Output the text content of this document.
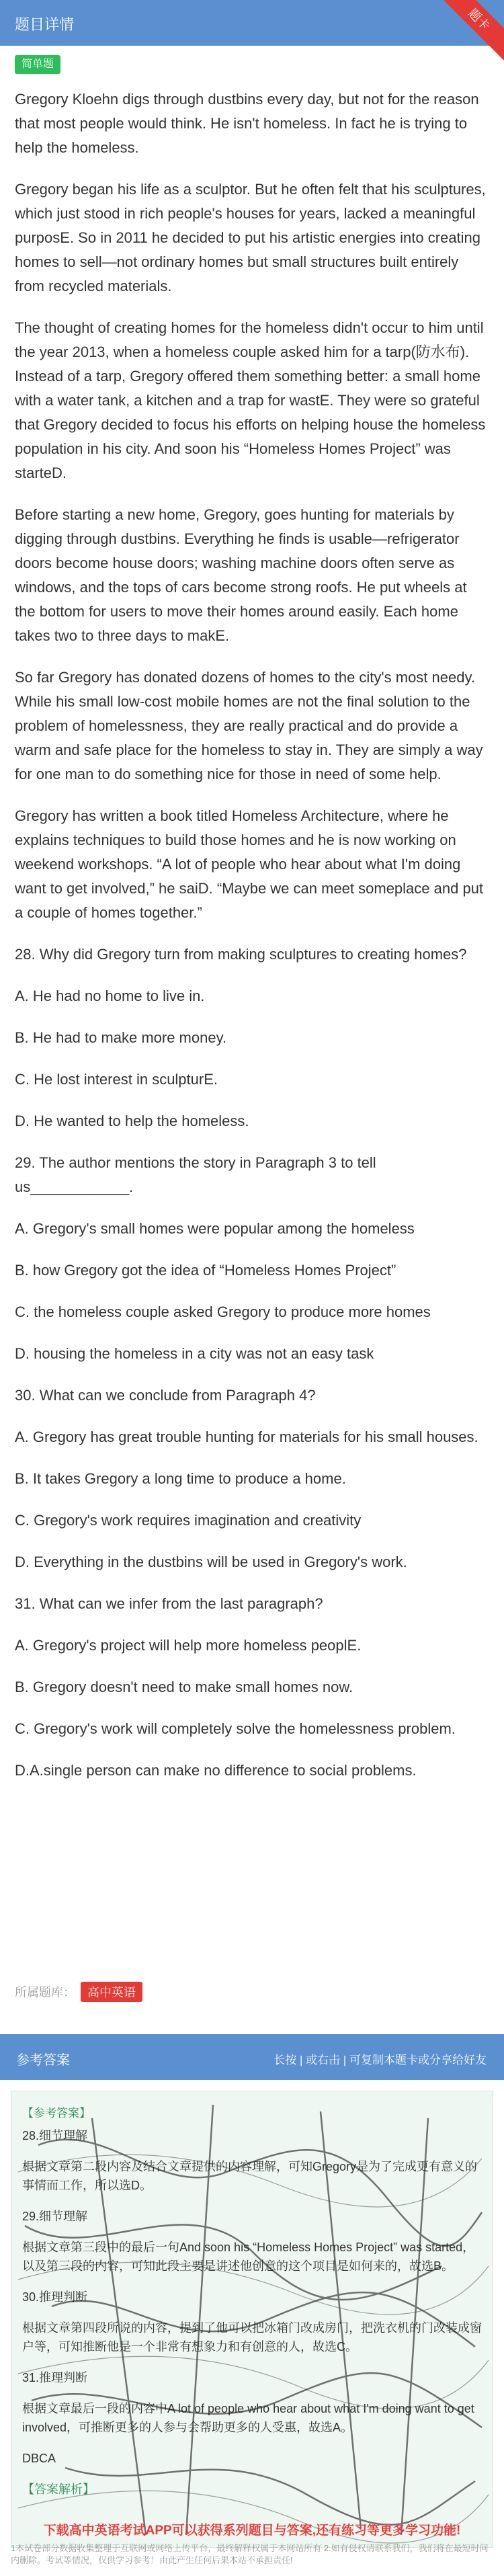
题目详情	题卡
简单题

Gregory Kloehn digs through dustbins every day, but not for the reason that most people would think. He isn't homeless. In fact he is trying to help the homeless.

Gregory began his life as a sculptor. But he often felt that his sculptures, which just stood in rich people's houses for years, lacked a meaningful purposE. So in 2011 he decided to put his artistic energies into creating homes to sell—not ordinary homes but small structures built entirely from recycled materials.

The thought of creating homes for the homeless didn't occur to him until the year 2013, when a homeless couple asked him for a tarp(防水布). Instead of a tarp, Gregory offered them something better: a small home with a water tank, a kitchen and a trap for wastE. They were so grateful that Gregory decided to focus his efforts on helping house the homeless population in his city. And soon his “Homeless Homes Project” was starteD.

Before starting a new home, Gregory, goes hunting for materials by digging through dustbins. Everything he finds is usable—refrigerator doors become house doors; washing machine doors often serve as windows, and the tops of cars become strong roofs. He put wheels at the bottom for users to move their homes around easily. Each home takes two to three days to makE.

So far Gregory has donated dozens of homes to the city's most needy. While his small low-cost mobile homes are not the final solution to the problem of homelessness, they are really practical and do provide a warm and safe place for the homeless to stay in. They are simply a way for one man to do something nice for those in need of some help.

Gregory has written a book titled Homeless Architecture, where he explains techniques to build those homes and he is now working on weekend workshops. “A lot of people who hear about what I'm doing want to get involved,” he saiD. “Maybe we can meet someplace and put a couple of homes together.”

28. Why did Gregory turn from making sculptures to creating homes?

A. He had no home to live in.

B. He had to make more money.

C. He lost interest in sculpturE.

D. He wanted to help the homeless.

29. The author mentions the story in Paragraph 3 to tell us____________.

A. Gregory's small homes were popular among the homeless

B. how Gregory got the idea of “Homeless Homes Project”

C. the homeless couple asked Gregory to produce more homes

D. housing the homeless in a city was not an easy task

30. What can we conclude from Paragraph 4?

A. Gregory has great trouble hunting for materials for his small houses.

B. It takes Gregory a long time to produce a home.

C. Gregory's work requires imagination and creativity

D. Everything in the dustbins will be used in Gregory's work.

31. What can we infer from the last paragraph?

A. Gregory's project will help more homeless peoplE.

B. Gregory doesn't need to make small homes now.

C. Gregory's work will completely solve the homelessness problem.

D.A.single person can make no difference to social problems.

所属题库： 高中英语
参考答案	长按 | 或右击 | 可复制本题卡或分享给好友
【参考答案】

28.细节理解

根据文章第二段内容及结合文章提供的内容理解，可知Gregory是为了完成更有意义的事情而工作，所以选D。

29.细节理解

根据文章第三段中的最后一句And soon his “Homeless Homes Project” was started，以及第三段的内容，可知此段主要是讲述他创意的这个项目是如何来的，故选B。

30.推理判断

根据文章第四段所说的内容，提到了他可以把冰箱门改成房门，把洗衣机的门改装成窗户等，可知推断他是一个非常有想象力和有创意的人，故选C。

31.推理判断

根据文章最后一段的内容中A lot of people who hear about what I'm doing want to get involved，可推断更多的人参与会帮助更多的人受惠，故选A。

DBCA

【答案解析】

下载高中英语考试APP可以获得系列题目与答案,还有练习等更多学习功能!
1本试卷部分数据收集整理于互联网或网络上传平台，最终解释权属于本网站所有 2.如有侵权请联系我们，我们将在最短时间内删除。考试等情况，仅供学习参考！由此产生任何后果本站不承担责任!
